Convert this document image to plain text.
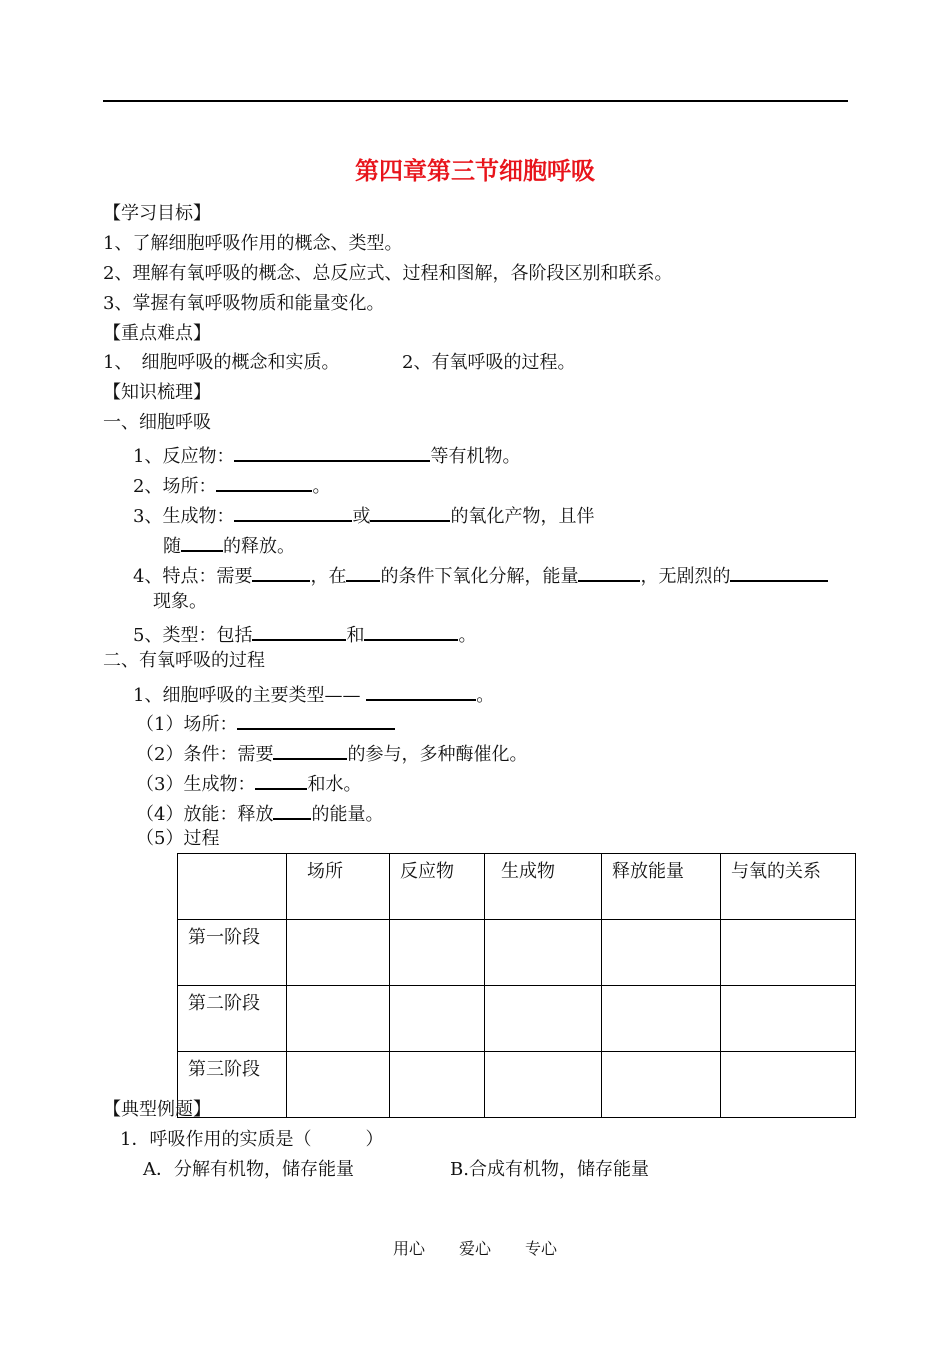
第四章第三节细胞呼吸
【学习目标】
1、了解细胞呼吸作用的概念、类型。
2、理解有氧呼吸的概念、总反应式、过程和图解，各阶段区别和联系。
3、掌握有氧呼吸物质和能量变化。
【重点难点】
1、　细胞呼吸的概念和实质。	2、有氧呼吸的过程。
【知识梳理】
一、细胞呼吸
1、反应物：	等有机物。
2、场所：	。
3、生成物：	或	的氧化产物，且伴
随 的释放。
4、特点：需要	，在 的条件下氧化分解，能量	，无剧烈的
现象。
5、类型：包括	和	。
二、有氧呼吸的过程
1、细胞呼吸的主要类型——	。
（1）场所：
（2）条件：需要	的参与，多种酶催化。
（3）生成物：	和水。
（4）放能：释放 的能量。
（5）过程
	场所	反应物	生成物	释放能量	与氧的关系
第一阶段					
第二阶段					
第三阶段					
【典型例题】
1．呼吸作用的实质是（　　　）
A．分解有机物，储存能量	B.合成有机物，储存能量
用心 爱心 专心
